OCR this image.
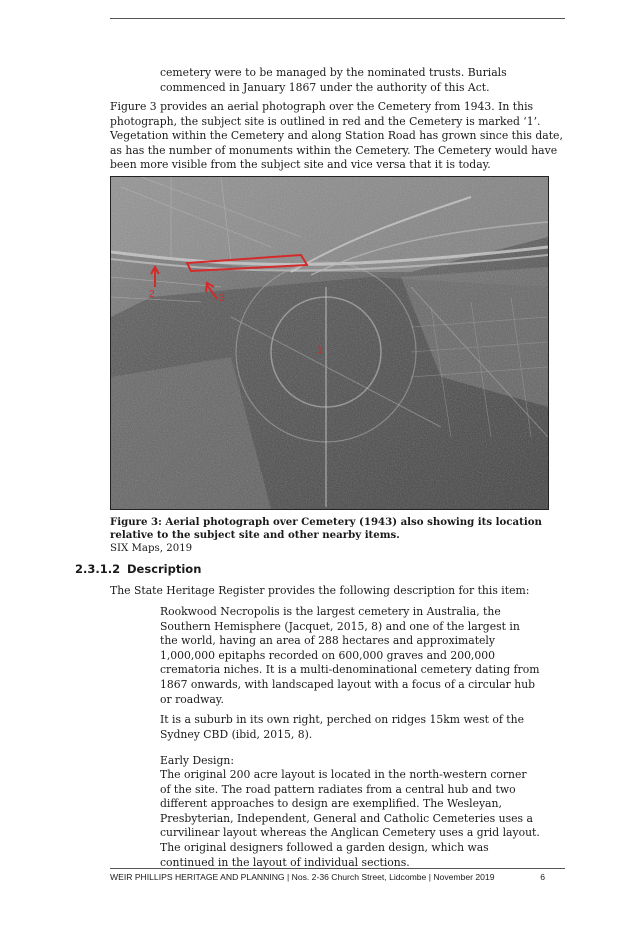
cemetery were to be managed by the nominated trusts. Burials
commenced in January 1867 under the authority of this Act.

Figure 3 provides an aerial photograph over the Cemetery from 1943. In this photograph, the subject site is outlined in red and the Cemetery is marked ‘1’. Vegetation within the Cemetery and along Station Road has grown since this date, as has the number of monuments within the Cemetery. The Cemetery would have been more visible from the subject site and vice versa that it is today.

2	3
1

Figure 3: Aerial photograph over Cemetery (1943) also showing its location relative to the subject site and other nearby items.

SIX Maps, 2019

2.3.1.2 Description

The State Heritage Register provides the following description for this item:

Rookwood Necropolis is the largest cemetery in Australia, the Southern Hemisphere (Jacquet, 2015, 8) and one of the largest in the world, having an area of 288 hectares and approximately 1,000,000 epitaphs recorded on 600,000 graves and 200,000 crematoria niches. It is a multi-denominational cemetery dating from 1867 onwards, with landscaped layout with a focus of a circular hub or roadway.

It is a suburb in its own right, perched on ridges 15km west of the Sydney CBD (ibid, 2015, 8).

Early Design:

The original 200 acre layout is located in the north-western corner of the site. The road pattern radiates from a central hub and two different approaches to design are exemplified. The Wesleyan, Presbyterian, Independent, General and Catholic Cemeteries uses a curvilinear layout whereas the Anglican Cemetery uses a grid layout. The original designers followed a garden design, which was continued in the layout of individual sections.

WEIR PHILLIPS HERITAGE AND PLANNING | Nos. 2-36 Church Street, Lidcombe | November 2019	6
